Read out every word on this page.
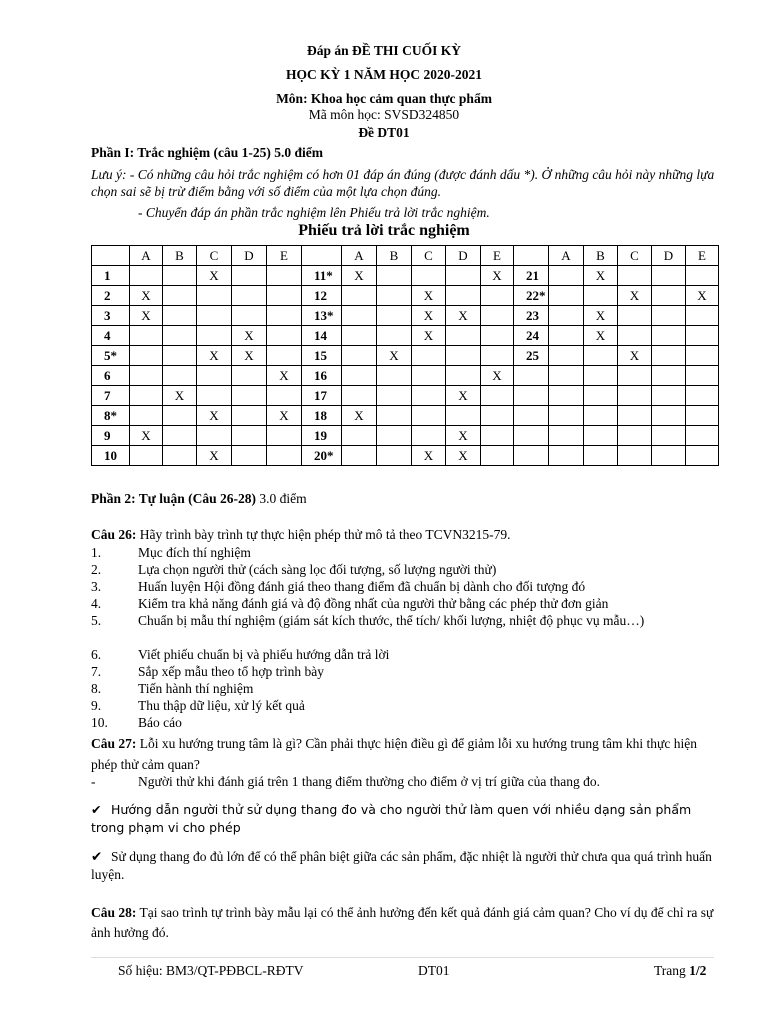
Đáp án ĐỀ THI CUỐI KỲ
HỌC KỲ 1 NĂM HỌC 2020-2021
Môn: Khoa học cảm quan thực phẩm
Mã môn học: SVSD324850
Đề DT01
Phần I: Trắc nghiệm (câu 1-25) 5.0 điểm
Lưu ý: - Có những câu hỏi trắc nghiệm có hơn 01 đáp án đúng (được đánh dấu *). Ở những câu hỏi này những lựa chọn sai sẽ bị trừ điểm bằng với số điểm của một lựa chọn đúng.
- Chuyển đáp án phần trắc nghiệm lên Phiếu trả lời trắc nghiệm.
Phiếu trả lời trắc nghiệm
	A	B	C	D	E		A	B	C	D	E		A	B	C	D	E
1			X			11*	X				X	21		X			
2	X					12			X			22*			X		X
3	X					13*			X	X		23		X			
4				X		14			X			24		X			
5*			X	X		15		X				25			X		
6					X	16					X						
7		X				17				X							
8*			X		X	18	X										
9	X					19				X							
10			X			20*			X	X							
Phần 2: Tự luận (Câu 26-28) 3.0 điểm
Câu 26: Hãy trình bày trình tự thực hiện phép thử mô tả theo TCVN3215-79.
1.	Mục đích thí nghiệm
2.	Lựa chọn người thử (cách sàng lọc đối tượng, số lượng người thử)
3.	Huấn luyện Hội đồng đánh giá theo thang điểm đã chuẩn bị dành cho đối tượng đó
4.	Kiểm tra khả năng đánh giá và độ đồng nhất của người thử bằng các phép thử đơn giản
5.	Chuẩn bị mẫu thí nghiệm (giám sát kích thước, thể tích/ khối lượng, nhiệt độ phục vụ mẫu…)
6.	Viết phiếu chuẩn bị và phiếu hướng dẫn trả lời
7.	Sắp xếp mẫu theo tổ hợp trình bày
8.	Tiến hành thí nghiệm
9.	Thu thập dữ liệu, xử lý kết quả
10. Báo cáo
Câu 27: Lỗi xu hướng trung tâm là gì? Cần phải thực hiện điều gì để giảm lỗi xu hướng trung tâm khi thực hiện phép thử cảm quan?
-	Người thử khi đánh giá trên 1 thang điểm thường cho điểm ở vị trí giữa của thang đo.
✔ Hướng dẫn người thử sử dụng thang đo và cho người thử làm quen với nhiều dạng sản phẩm trong phạm vi cho phép
✔ Sử dụng thang đo đủ lớn để có thể phân biệt giữa các sản phẩm, đặc nhiệt là người thử chưa qua quá trình huấn luyện.
Câu 28: Tại sao trình tự trình bày mẫu lại có thể ảnh hưởng đến kết quả đánh giá cảm quan? Cho ví dụ để chỉ ra sự ảnh hưởng đó.
Số hiệu: BM3/QT-PĐBCL-RĐTV	DT01	Trang 1/2
